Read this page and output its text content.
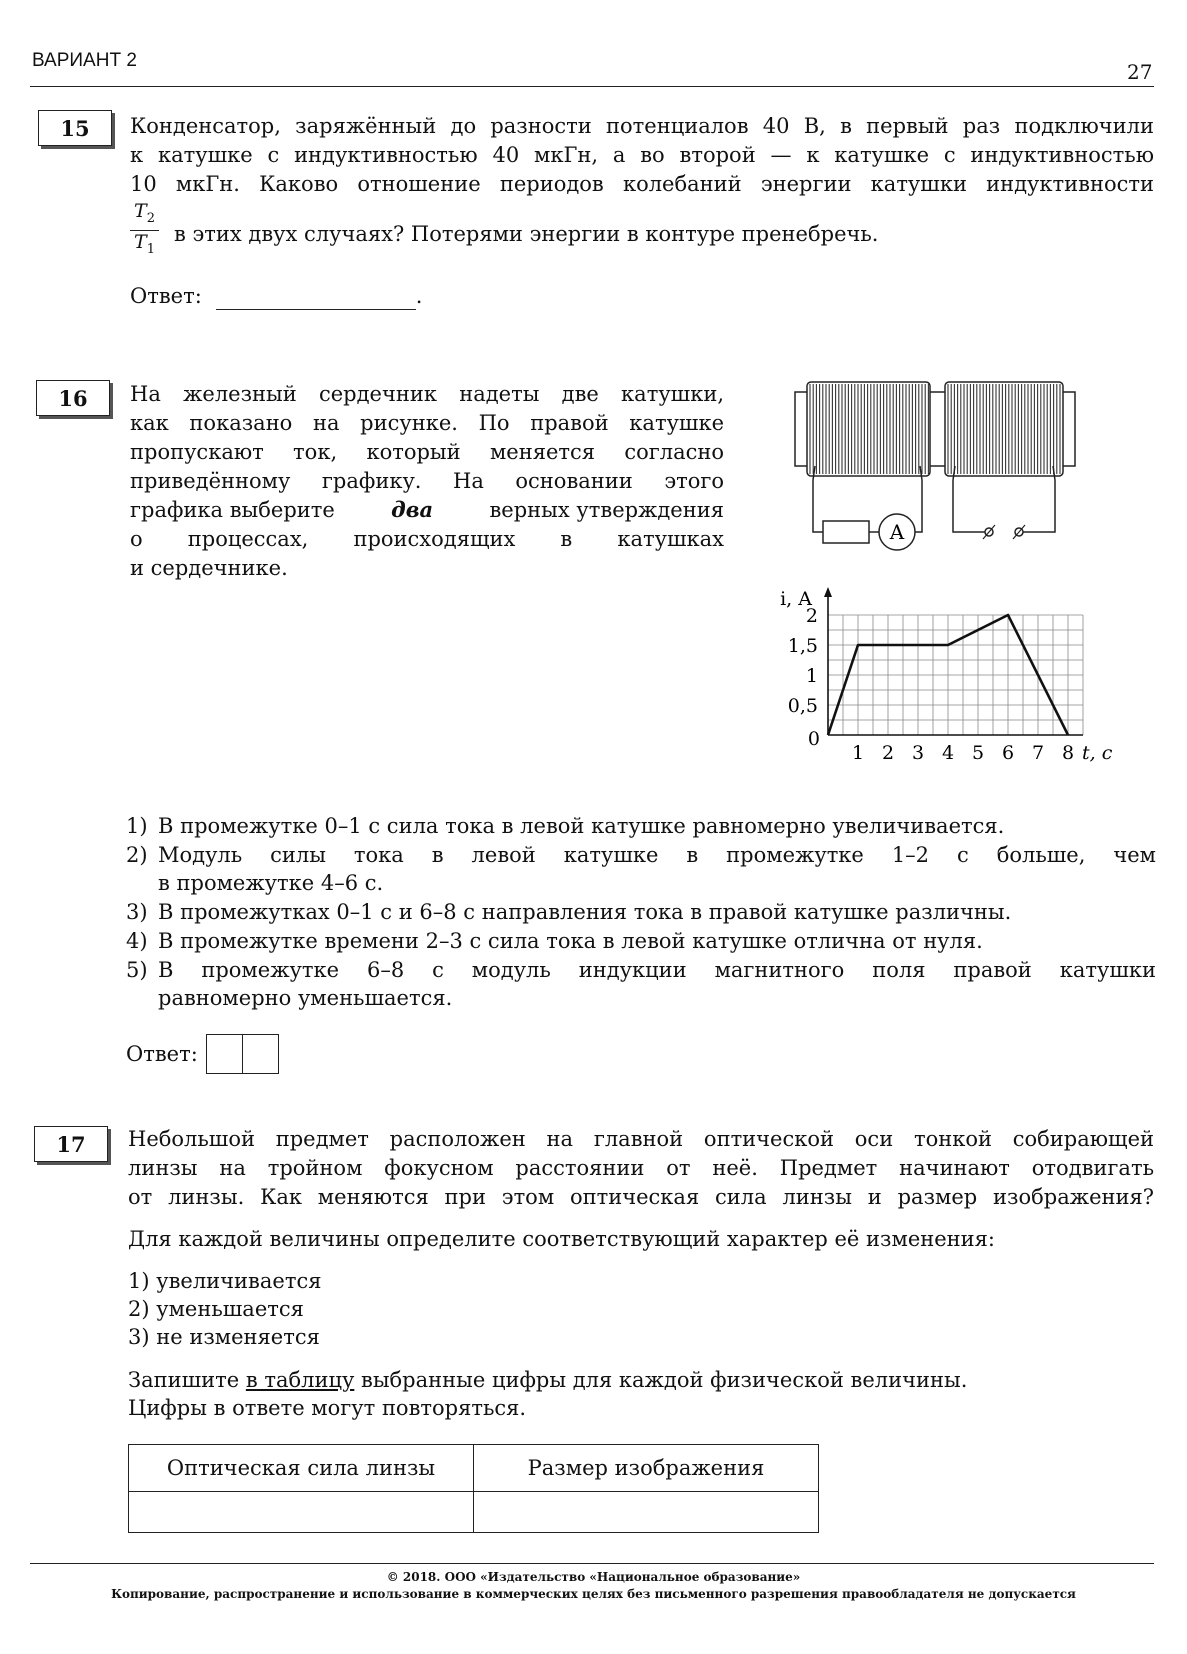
ВАРИАНТ 2	27
15	Конденсатор, заряжённый до разности потенциалов 40 В, в первый раз подключили
к катушке с индуктивностью 40 мкГн, а во второй — к катушке с индуктивностью
10 мкГн. Каково отношение периодов колебаний энергии катушки индуктивности
$\frac{T_2}{T_1}$ в этих двух случаях? Потерями энергии в контуре пренебречь.
Ответ:	.
16	На железный сердечник надеты две катушки,
как показано на рисунке. По правой катушке
пропускают ток, который меняется согласно
приведённому графику. На основании этого
графика выберите	два	верных утверждения
о процессах, происходящих в катушках
и сердечнике.
A
i, A
t, c
1 2 3 4 5 6 7 8
0,5
1
1,5
2
0
1) В промежутке 0–1 с сила тока в левой катушке равномерно увеличивается.
2) Модуль силы тока в левой катушке в промежутке 1–2 с больше, чем
в промежутке 4–6 с.
3) В промежутках 0–1 с и 6–8 с направления тока в правой катушке различны.
4) В промежутке времени 2–3 с сила тока в левой катушке отлична от нуля.
5) В промежутке 6–8 с модуль индукции магнитного поля правой катушки
равномерно уменьшается.
Ответ:
17	Небольшой предмет расположен на главной оптической оси тонкой собирающей
линзы на тройном фокусном расстоянии от неё. Предмет начинают отодвигать
от линзы. Как меняются при этом оптическая сила линзы и размер изображения?
Для каждой величины определите соответствующий характер её изменения:
1) увеличивается
2) уменьшается
3) не изменяется
Запишите в таблицу выбранные цифры для каждой физической величины.
Цифры в ответе могут повторяться.
Оптическая сила линзы	Размер изображения

© 2018. ООО «Издательство «Национальное образование»
Копирование, распространение и использование в коммерческих целях без письменного разрешения правообладателя не допускается
